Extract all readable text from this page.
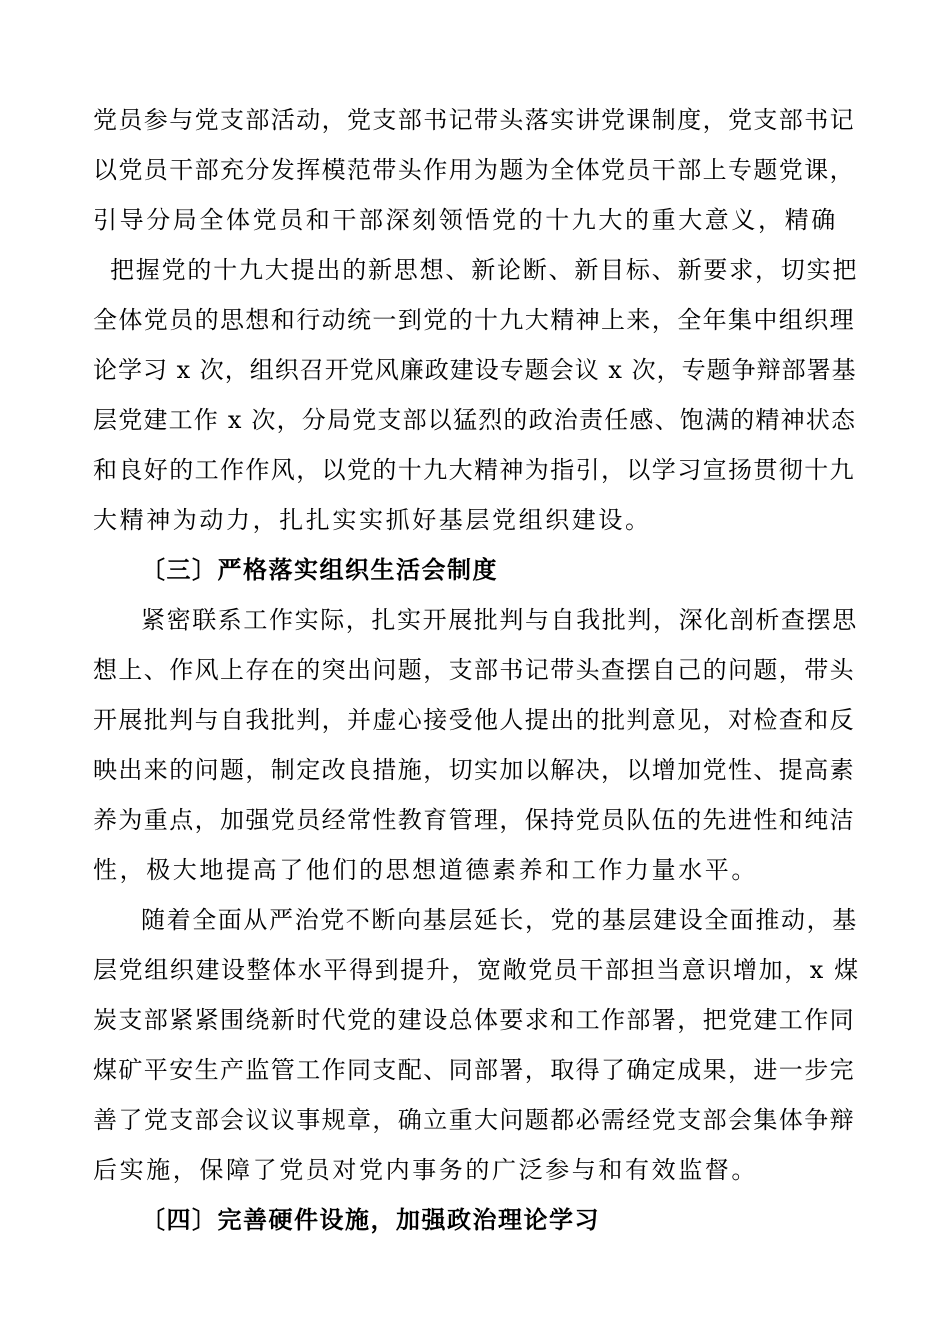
党员参与党支部活动，党支部书记带头落实讲党课制度，党支部书记
以党员干部充分发挥模范带头作用为题为全体党员干部上专题党课，
引导分局全体党员和干部深刻领悟党的十九大的重大意义，精确
把握党的十九大提出的新思想、新论断、新目标、新要求，切实把
全体党员的思想和行动统一到党的十九大精神上来，全年集中组织理
论学习 x 次，组织召开党风廉政建设专题会议 x 次，专题争辩部署基
层党建工作 x 次，分局党支部以猛烈的政治责任感、饱满的精神状态
和良好的工作作风，以党的十九大精神为指引，以学习宣扬贯彻十九
大精神为动力，扎扎实实抓好基层党组织建设。
〔三〕严格落实组织生活会制度
紧密联系工作实际，扎实开展批判与自我批判，深化剖析查摆思
想上、作风上存在的突出问题，支部书记带头查摆自己的问题，带头
开展批判与自我批判，并虚心接受他人提出的批判意见，对检查和反
映出来的问题，制定改良措施，切实加以解决，以增加党性、提高素
养为重点，加强党员经常性教育管理，保持党员队伍的先进性和纯洁
性，极大地提高了他们的思想道德素养和工作力量水平。
随着全面从严治党不断向基层延长，党的基层建设全面推动，基
层党组织建设整体水平得到提升，宽敞党员干部担当意识增加，x 煤
炭支部紧紧围绕新时代党的建设总体要求和工作部署，把党建工作同
煤矿平安生产监管工作同支配、同部署，取得了确定成果，进一步完
善了党支部会议议事规章，确立重大问题都必需经党支部会集体争辩
后实施，保障了党员对党内事务的广泛参与和有效监督。
〔四〕完善硬件设施，加强政治理论学习
